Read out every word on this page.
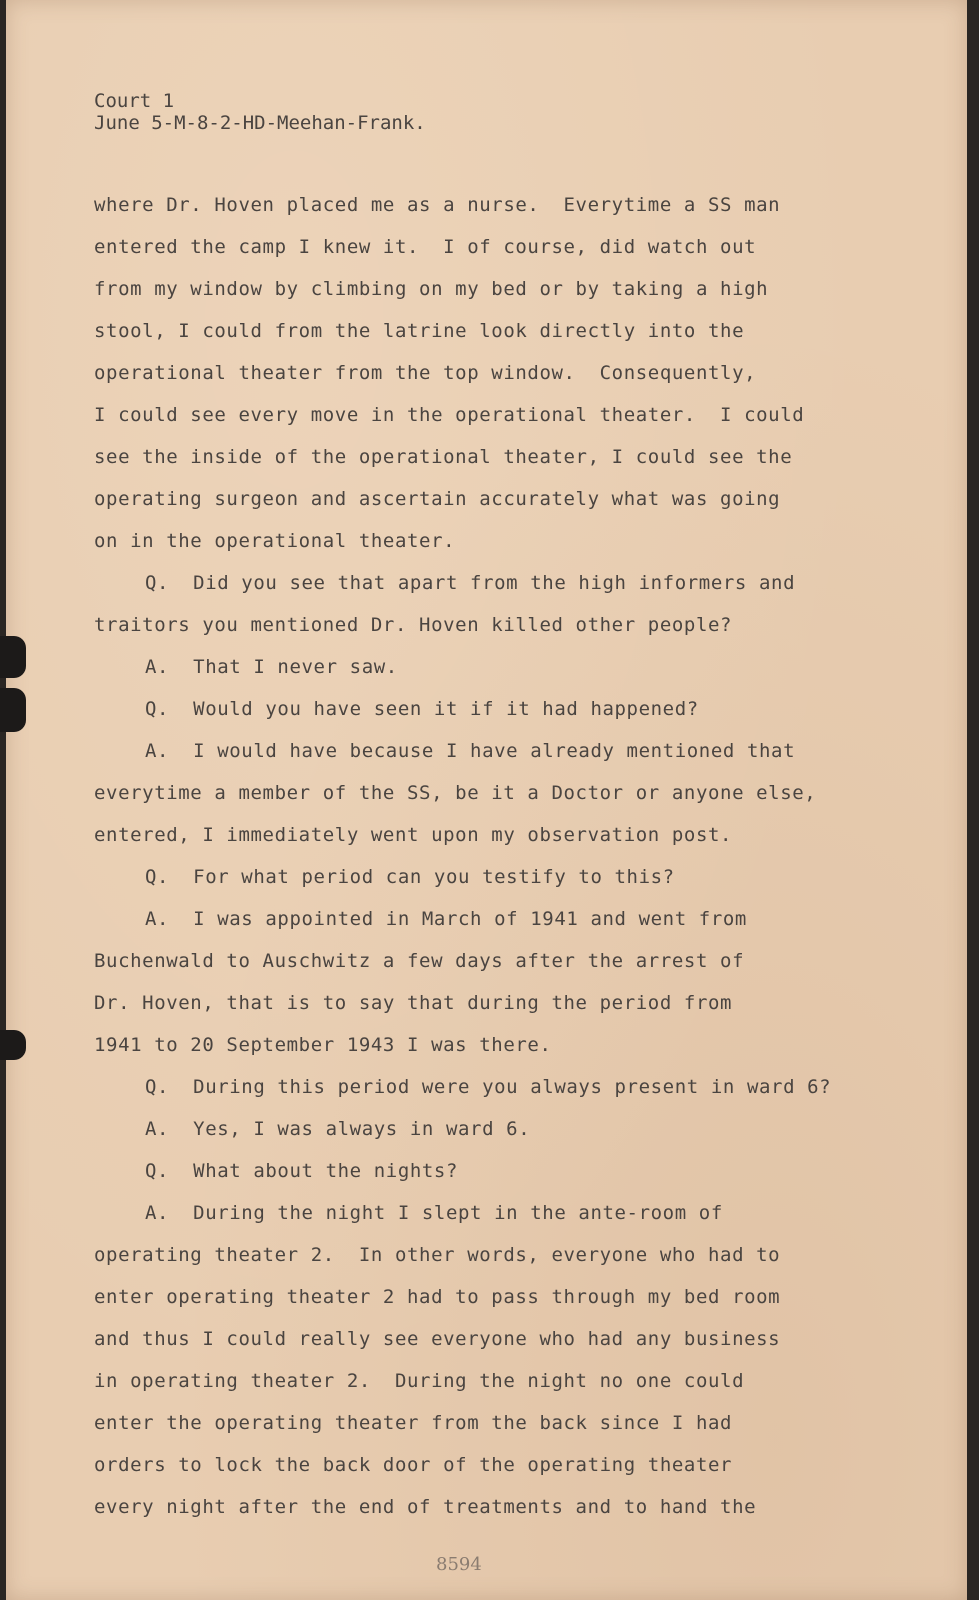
Court 1
June 5-M-8-2-HD-Meehan-Frank.
where Dr. Hoven placed me as a nurse.  Everytime a SS man
entered the camp I knew it.  I of course, did watch out
from my window by climbing on my bed or by taking a high
stool, I could from the latrine look directly into the
operational theater from the top window.  Consequently,
I could see every move in the operational theater.  I could
see the inside of the operational theater, I could see the
operating surgeon and ascertain accurately what was going
on in the operational theater.
Q.  Did you see that apart from the high informers and
traitors you mentioned Dr. Hoven killed other people?
A.  That I never saw.
Q.  Would you have seen it if it had happened?
A.  I would have because I have already mentioned that
everytime a member of the SS, be it a Doctor or anyone else,
entered, I immediately went upon my observation post.
Q.  For what period can you testify to this?
A.  I was appointed in March of 1941 and went from
Buchenwald to Auschwitz a few days after the arrest of
Dr. Hoven, that is to say that during the period from
1941 to 20 September 1943 I was there.
Q.  During this period were you always present in ward 6?
A.  Yes, I was always in ward 6.
Q.  What about the nights?
A.  During the night I slept in the ante-room of
operating theater 2.  In other words, everyone who had to
enter operating theater 2 had to pass through my bed room
and thus I could really see everyone who had any business
in operating theater 2.  During the night no one could
enter the operating theater from the back since I had
orders to lock the back door of the operating theater
every night after the end of treatments and to hand the
8594
